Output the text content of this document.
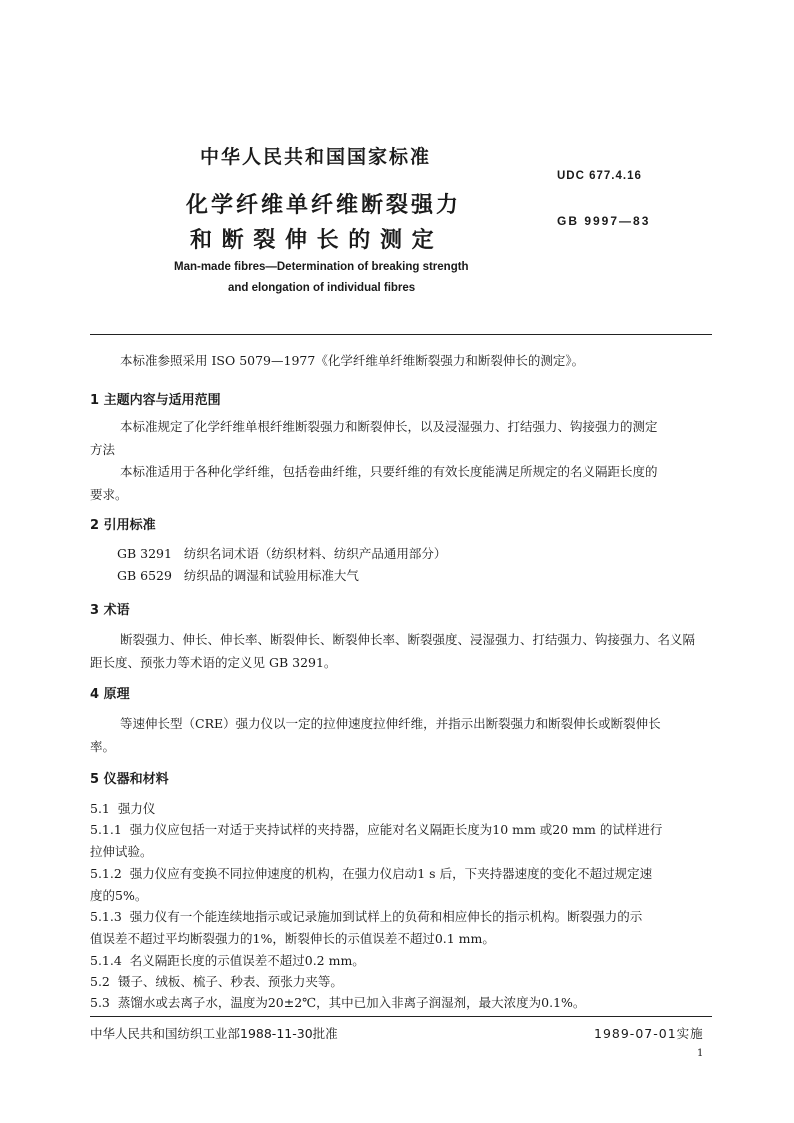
中华人民共和国国家标准
化学纤维单纤维断裂强力
和 断 裂 伸 长 的 测 定
Man-made fibres—Determination of breaking strength
and elongation of individual fibres
UDC 677.4.16
GB 9997—83
本标准参照采用 ISO 5079—1977《化学纤维单纤维断裂强力和断裂伸长的测定》。
1 主题内容与适用范围
本标准规定了化学纤维单根纤维断裂强力和断裂伸长，以及浸湿强力、打结强力、钩接强力的测定
方法
本标准适用于各种化学纤维，包括卷曲纤维，只要纤维的有效长度能满足所规定的名义隔距长度的
要求。
2 引用标准
GB 3291   纺织名词术语（纺织材料、纺织产品通用部分）
GB 6529   纺织品的调湿和试验用标准大气
3 术语
断裂强力、伸长、伸长率、断裂伸长、断裂伸长率、断裂强度、浸湿强力、打结强力、钩接强力、名义隔
距长度、预张力等术语的定义见 GB 3291。
4 原理
等速伸长型（CRE）强力仪以一定的拉伸速度拉伸纤维，并指示出断裂强力和断裂伸长或断裂伸长
率。
5 仪器和材料
5.1  强力仪
5.1.1  强力仪应包括一对适于夹持试样的夹持器，应能对名义隔距长度为10 mm 或20 mm 的试样进行
拉伸试验。
5.1.2  强力仪应有变换不同拉伸速度的机构，在强力仪启动1 s 后，下夹持器速度的变化不超过规定速
度的5%。
5.1.3  强力仪有一个能连续地指示或记录施加到试样上的负荷和相应伸长的指示机构。断裂强力的示
值误差不超过平均断裂强力的1%，断裂伸长的示值误差不超过0.1 mm。
5.1.4  名义隔距长度的示值误差不超过0.2 mm。
5.2  镊子、绒板、梳子、秒表、预张力夹等。
5.3  蒸馏水或去离子水，温度为20±2℃，其中已加入非离子润湿剂，最大浓度为0.1%。
中华人民共和国纺织工业部1988-11-30批准	1989-07-01实施
1
